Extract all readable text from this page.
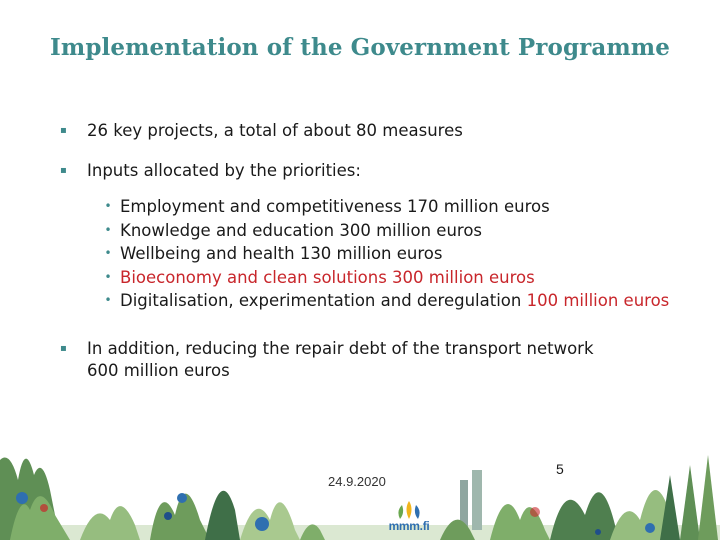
Implementation of the Government Programme
▪	26 key projects, a total of about 80 measures
▪	Inputs allocated by the priorities:
• Employment and competitiveness 170 million euros
• Knowledge and education 300 million euros
• Wellbeing and health 130 million euros
• Bioeconomy and clean solutions 300 million euros
• Digitalisation, experimentation and deregulation 100 million euros
▪	In addition, reducing the repair debt of the transport network 600 million euros
5
24.9.2020
mmm.fi
